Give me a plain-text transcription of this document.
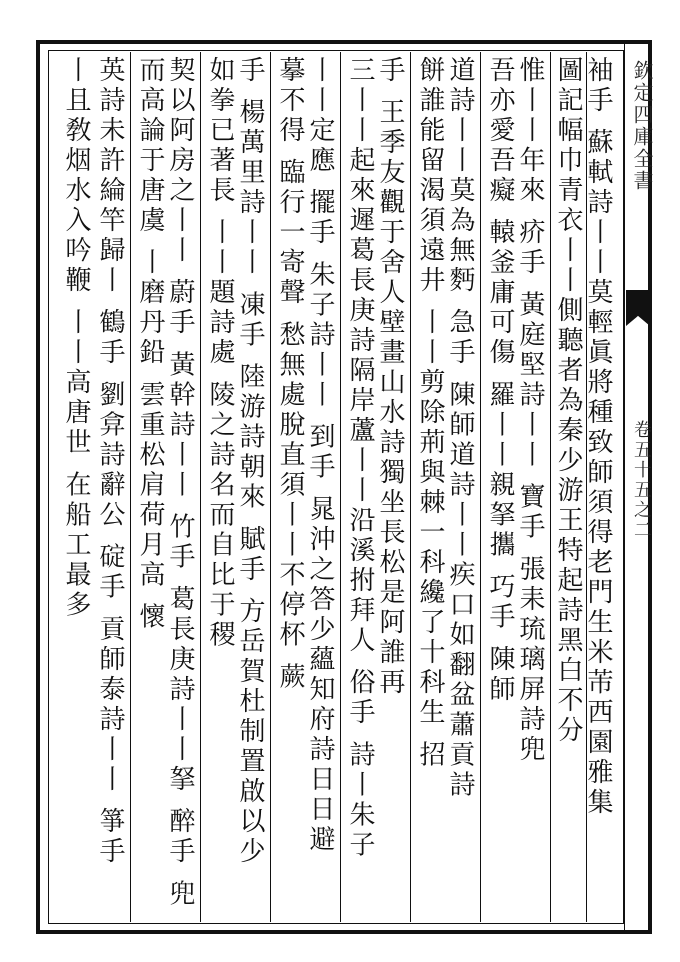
欽定四庫全書
卷五十五之二
袖手 蘇軾詩丨丨莫輕眞將種致師須得老門生米芾西園雅集
圖記幅巾青衣丨丨側聽者為秦少游王特起詩黑白不分
惟丨丨年來 疥手 黃庭堅詩丨丨 寶手 張耒琉璃屏詩兜
吾亦愛吾癡 轅釜庸可傷 羅丨丨親拏攜 巧手 陳師
道詩丨丨莫為無麪 急手 陳師道詩丨丨疾口如翻盆蕭貢詩
餅誰能留渴須遠井 丨丨剪除荊與棘一科纔了十科生 招
手 王季友觀于舍人壁畫山水詩獨坐長松是阿誰再
三丨丨起來遲葛長庚詩隔岸蘆丨丨沿溪拊拜人 俗手 詩丨朱子
丨丨定應 擺手 朱子詩丨丨 到手 晁沖之答少蘊知府詩日日避
摹不得 臨行一寄聲 愁無處脫直須丨丨不停杯 蕨
手 楊萬里詩丨丨 凍手 陸游詩朝來 賦手 方岳賀杜制置啟以少
如拳已著長 丨丨題詩處 陵之詩名而自比于稷
契以阿房之丨丨 蔚手 黃幹詩丨丨 竹手 葛長庚詩丨丨拏 醉手 兜
而高論于唐虞 丨磨丹鉛 雲重松肩荷月高 懷
英詩未許綸竿歸丨 鶴手 劉弇詩辭公 碇手 貢師泰詩丨丨 箏手
丨且敎烟水入吟鞭 丨丨高唐世 在船工最多
